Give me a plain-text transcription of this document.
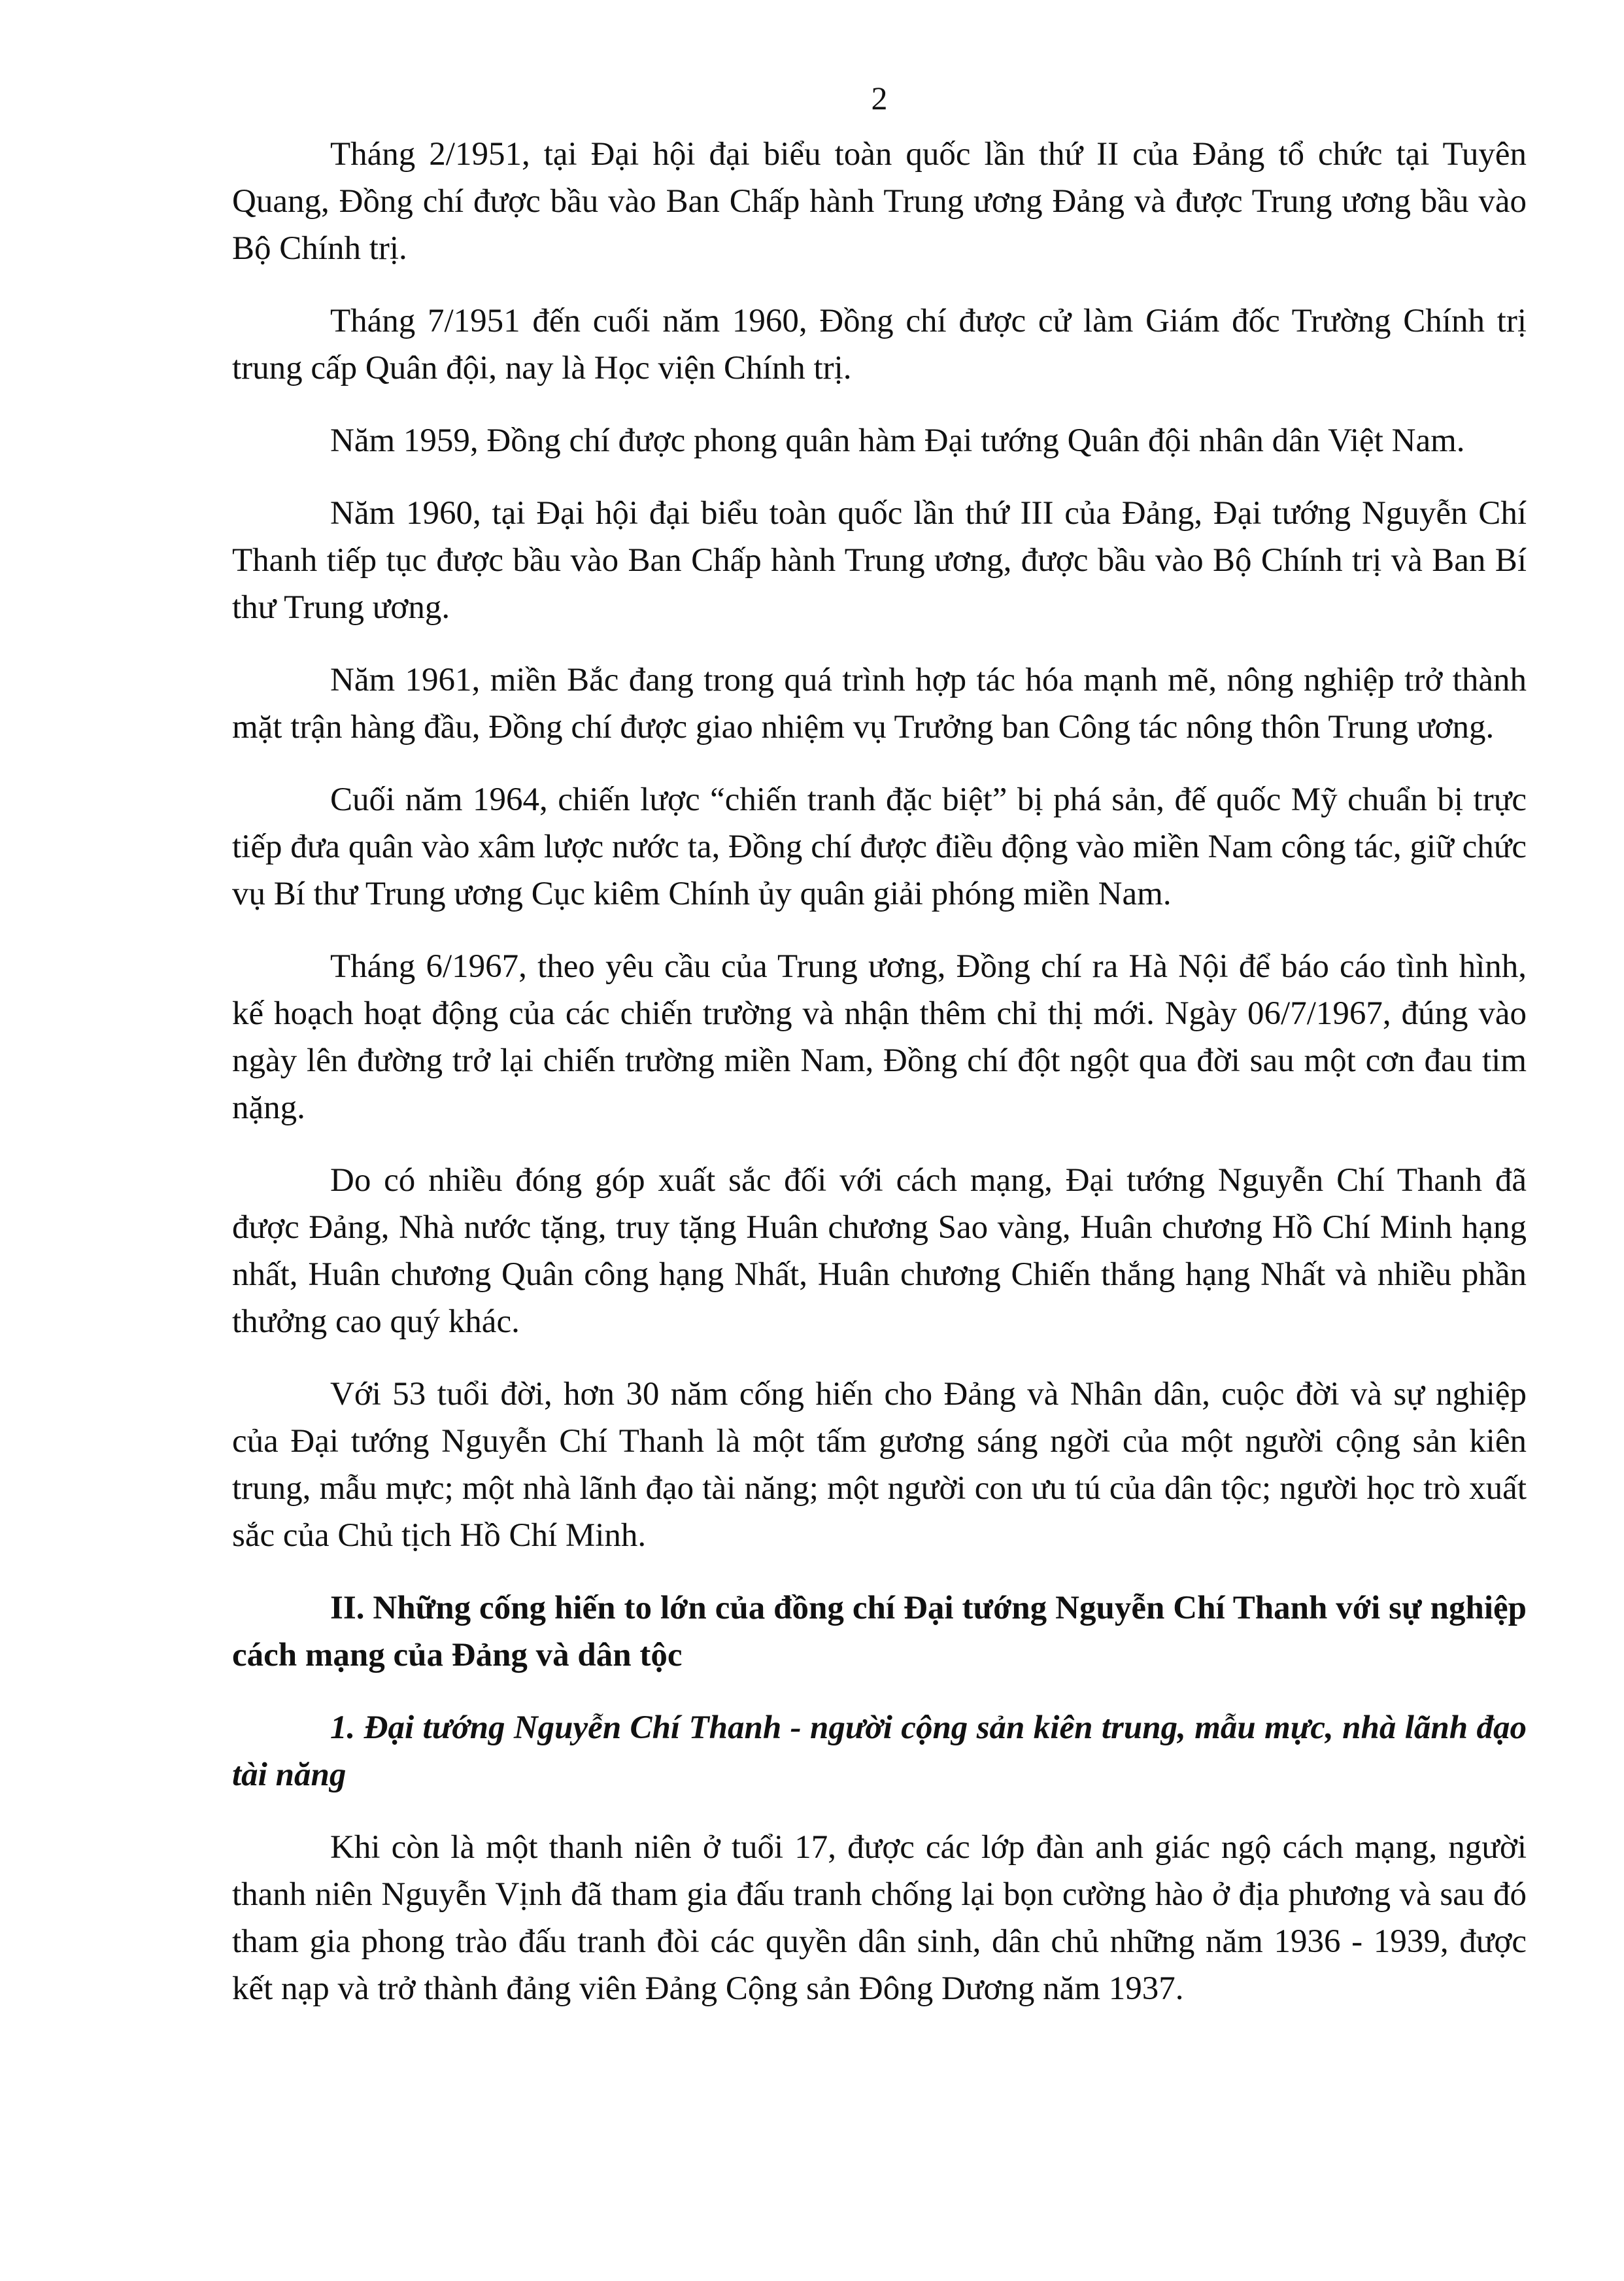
2

Tháng 2/1951, tại Đại hội đại biểu toàn quốc lần thứ II của Đảng tổ chức tại Tuyên Quang, Đồng chí được bầu vào Ban Chấp hành Trung ương Đảng và được Trung ương bầu vào Bộ Chính trị.

Tháng 7/1951 đến cuối năm 1960, Đồng chí được cử làm Giám đốc Trường Chính trị trung cấp Quân đội, nay là Học viện Chính trị.

Năm 1959, Đồng chí được phong quân hàm Đại tướng Quân đội nhân dân Việt Nam.

Năm 1960, tại Đại hội đại biểu toàn quốc lần thứ III của Đảng, Đại tướng Nguyễn Chí Thanh tiếp tục được bầu vào Ban Chấp hành Trung ương, được bầu vào Bộ Chính trị và Ban Bí thư Trung ương.

Năm 1961, miền Bắc đang trong quá trình hợp tác hóa mạnh mẽ, nông nghiệp trở thành mặt trận hàng đầu, Đồng chí được giao nhiệm vụ Trưởng ban Công tác nông thôn Trung ương.

Cuối năm 1964, chiến lược “chiến tranh đặc biệt” bị phá sản, đế quốc Mỹ chuẩn bị trực tiếp đưa quân vào xâm lược nước ta, Đồng chí được điều động vào miền Nam công tác, giữ chức vụ Bí thư Trung ương Cục kiêm Chính ủy quân giải phóng miền Nam.

Tháng 6/1967, theo yêu cầu của Trung ương, Đồng chí ra Hà Nội để báo cáo tình hình, kế hoạch hoạt động của các chiến trường và nhận thêm chỉ thị mới. Ngày 06/7/1967, đúng vào ngày lên đường trở lại chiến trường miền Nam, Đồng chí đột ngột qua đời sau một cơn đau tim nặng.

Do có nhiều đóng góp xuất sắc đối với cách mạng, Đại tướng Nguyễn Chí Thanh đã được Đảng, Nhà nước tặng, truy tặng Huân chương Sao vàng, Huân chương Hồ Chí Minh hạng nhất, Huân chương Quân công hạng Nhất, Huân chương Chiến thắng hạng Nhất và nhiều phần thưởng cao quý khác.

Với 53 tuổi đời, hơn 30 năm cống hiến cho Đảng và Nhân dân, cuộc đời và sự nghiệp của Đại tướng Nguyễn Chí Thanh là một tấm gương sáng ngời của một người cộng sản kiên trung, mẫu mực; một nhà lãnh đạo tài năng; một người con ưu tú của dân tộc; người học trò xuất sắc của Chủ tịch Hồ Chí Minh.

II. Những cống hiến to lớn của đồng chí Đại tướng Nguyễn Chí Thanh với sự nghiệp cách mạng của Đảng và dân tộc

1. Đại tướng Nguyễn Chí Thanh - người cộng sản kiên trung, mẫu mực, nhà lãnh đạo tài năng

Khi còn là một thanh niên ở tuổi 17, được các lớp đàn anh giác ngộ cách mạng, người thanh niên Nguyễn Vịnh đã tham gia đấu tranh chống lại bọn cường hào ở địa phương và sau đó tham gia phong trào đấu tranh đòi các quyền dân sinh, dân chủ những năm 1936 - 1939, được kết nạp và trở thành đảng viên Đảng Cộng sản Đông Dương năm 1937.
